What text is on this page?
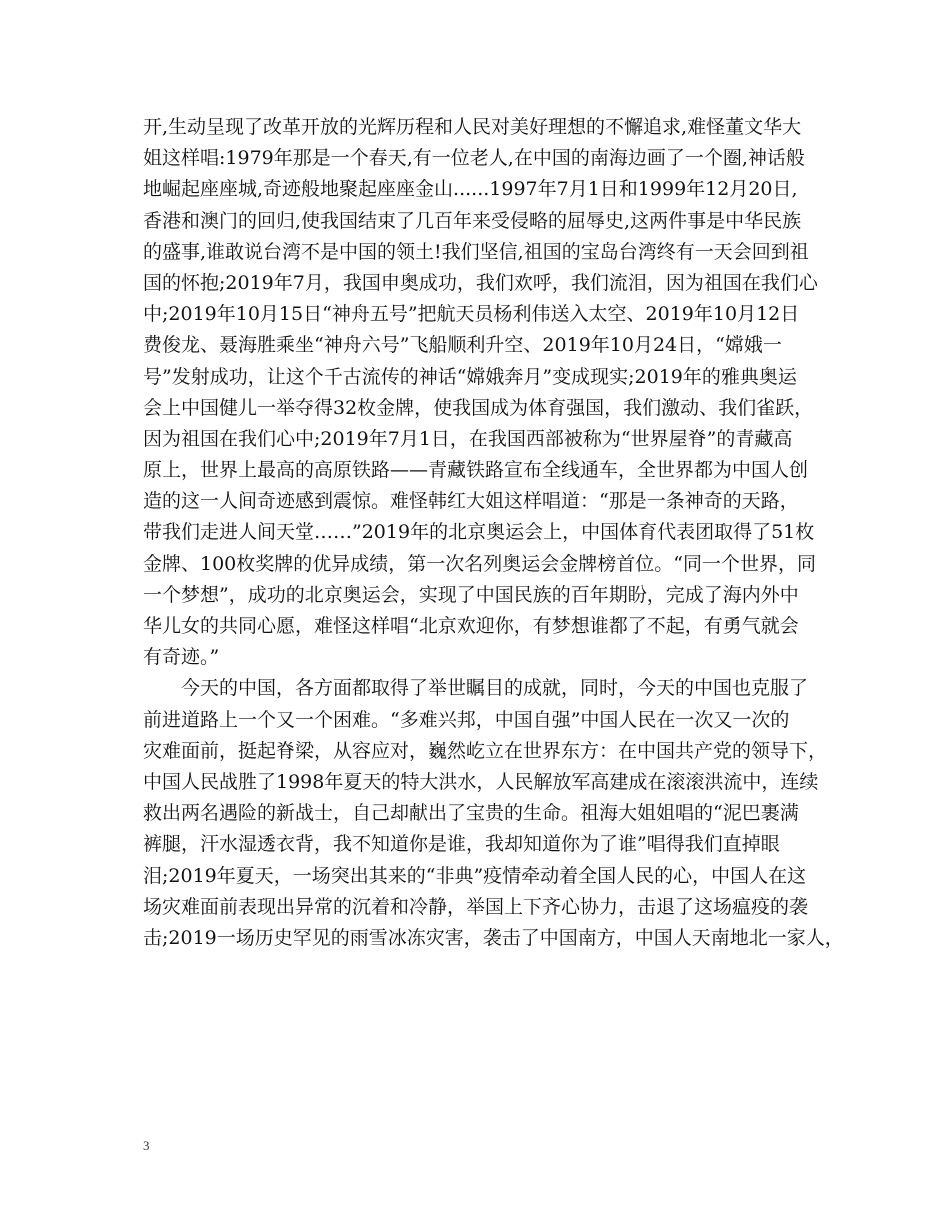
开,生动呈现了改革开放的光辉历程和人民对美好理想的不懈追求,难怪董文华大
姐这样唱:1979年那是一个春天,有一位老人,在中国的南海边画了一个圈,神话般
地崛起座座城,奇迹般地聚起座座金山......1997年7月1日和1999年12月20日,
香港和澳门的回归,使我国结束了几百年来受侵略的屈辱史,这两件事是中华民族
的盛事,谁敢说台湾不是中国的领土!我们坚信,祖国的宝岛台湾终有一天会回到祖
国的怀抱;2019年7月，我国申奥成功，我们欢呼，我们流泪，因为祖国在我们心
中;2019年10月15日“神舟五号”把航天员杨利伟送入太空、2019年10月12日
费俊龙、聂海胜乘坐“神舟六号”飞船顺利升空、2019年10月24日，“嫦娥一
号”发射成功，让这个千古流传的神话“嫦娥奔月”变成现实;2019年的雅典奥运
会上中国健儿一举夺得32枚金牌，使我国成为体育强国，我们激动、我们雀跃，
因为祖国在我们心中;2019年7月1日，在我国西部被称为“世界屋脊”的青藏高
原上，世界上最高的高原铁路——青藏铁路宣布全线通车，全世界都为中国人创
造的这一人间奇迹感到震惊。难怪韩红大姐这样唱道：“那是一条神奇的天路，
带我们走进人间天堂……”2019年的北京奥运会上，中国体育代表团取得了51枚
金牌、100枚奖牌的优异成绩，第一次名列奥运会金牌榜首位。“同一个世界，同
一个梦想”，成功的北京奥运会，实现了中国民族的百年期盼，完成了海内外中
华儿女的共同心愿，难怪这样唱“北京欢迎你，有梦想谁都了不起，有勇气就会
有奇迹。”
今天的中国，各方面都取得了举世瞩目的成就，同时，今天的中国也克服了
前进道路上一个又一个困难。“多难兴邦，中国自强”中国人民在一次又一次的
灾难面前，挺起脊梁，从容应对，巍然屹立在世界东方：在中国共产党的领导下，
中国人民战胜了1998年夏天的特大洪水，人民解放军高建成在滚滚洪流中，连续
救出两名遇险的新战士，自己却献出了宝贵的生命。祖海大姐姐唱的“泥巴裹满
裤腿，汗水湿透衣背，我不知道你是谁，我却知道你为了谁”唱得我们直掉眼
泪;2019年夏天，一场突出其来的“非典”疫情牵动着全国人民的心，中国人在这
场灾难面前表现出异常的沉着和冷静，举国上下齐心协力，击退了这场瘟疫的袭
击;2019一场历史罕见的雨雪冰冻灾害，袭击了中国南方，中国人天南地北一家人，
3
